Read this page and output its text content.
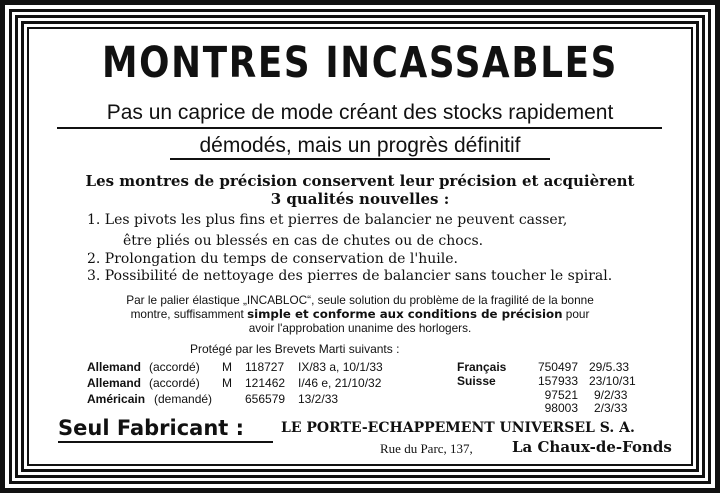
MONTRES INCASSABLES
Pas un caprice de mode créant des stocks rapidement
démodés, mais un progrès définitif
Les montres de précision conservent leur précision et acquièrent
3 qualités nouvelles :
1. Les pivots les plus fins et pierres de balancier ne peuvent casser,
être pliés ou blessés en cas de chutes ou de chocs.
2. Prolongation du temps de conservation de l'huile.
3. Possibilité de nettoyage des pierres de balancier sans toucher le spiral.
Par le palier élastique „INCABLOC“, seule solution du problème de la fragilité de la bonne
montre, suffisamment simple et conforme aux conditions de précision pour
avoir l'approbation unanime des horlogers.
Protégé par les Brevets Marti suivants :
Allemand (accordé) M 118727 IX/83 a, 10/1/33
Allemand (accordé) M 121462 I/46 e, 21/10/32
Américain (demandé)	656579 13/2/33
Français	750497 29/5.33
Suisse	157933 23/10/31
97521 9/2/33
98003 2/3/33
Seul Fabricant :	LE PORTE-ECHAPPEMENT UNIVERSEL S. A.
Rue du Parc, 137,	La Chaux-de-Fonds
